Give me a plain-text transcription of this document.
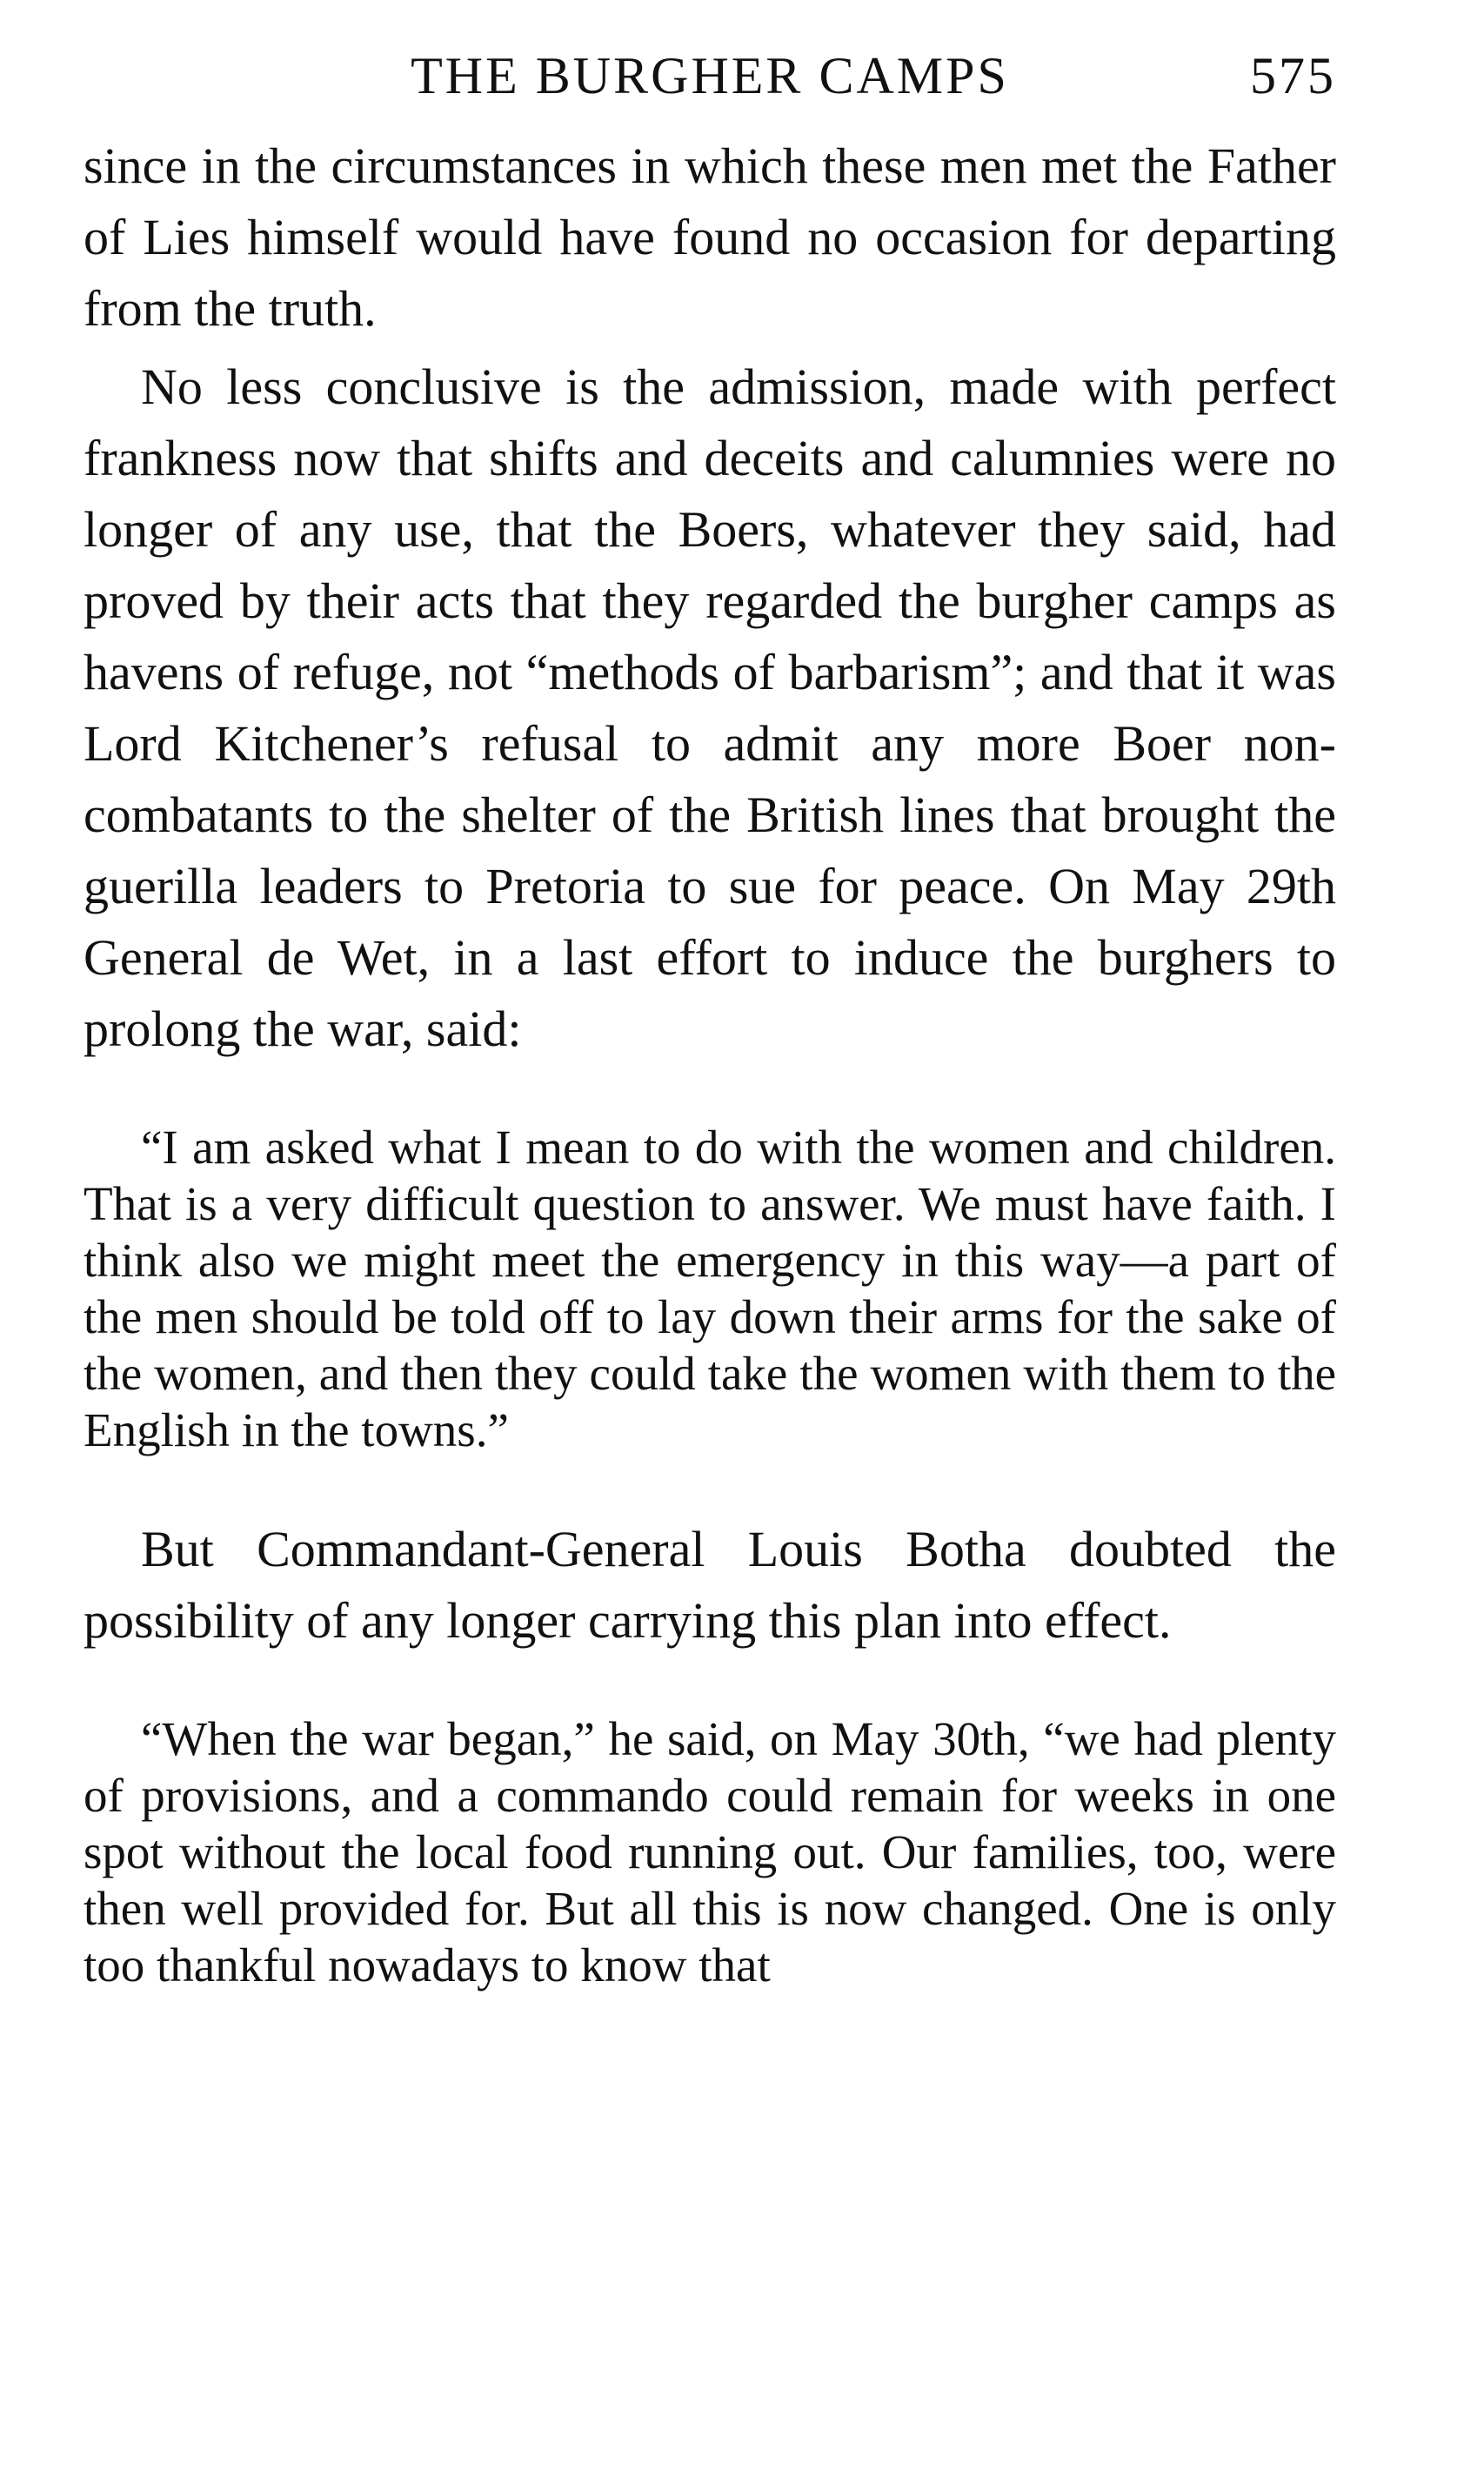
THE BURGHER CAMPS	575

since in the circumstances in which these men met the Father of Lies himself would have found no occasion for departing from the truth.

No less conclusive is the admission, made with perfect frankness now that shifts and deceits and calumnies were no longer of any use, that the Boers, whatever they said, had proved by their acts that they regarded the burgher camps as havens of refuge, not “methods of barbarism”; and that it was Lord Kitchener’s refusal to admit any more Boer non-combatants to the shelter of the British lines that brought the guerilla leaders to Pretoria to sue for peace. On May 29th General de Wet, in a last effort to induce the burghers to prolong the war, said:

“I am asked what I mean to do with the women and children. That is a very difficult question to answer. We must have faith. I think also we might meet the emergency in this way—a part of the men should be told off to lay down their arms for the sake of the women, and then they could take the women with them to the English in the towns.”

But Commandant-General Louis Botha doubted the possibility of any longer carrying this plan into effect.

“When the war began,” he said, on May 30th, “we had plenty of provisions, and a commando could remain for weeks in one spot without the local food running out. Our families, too, were then well provided for. But all this is now changed. One is only too thankful nowadays to know that
